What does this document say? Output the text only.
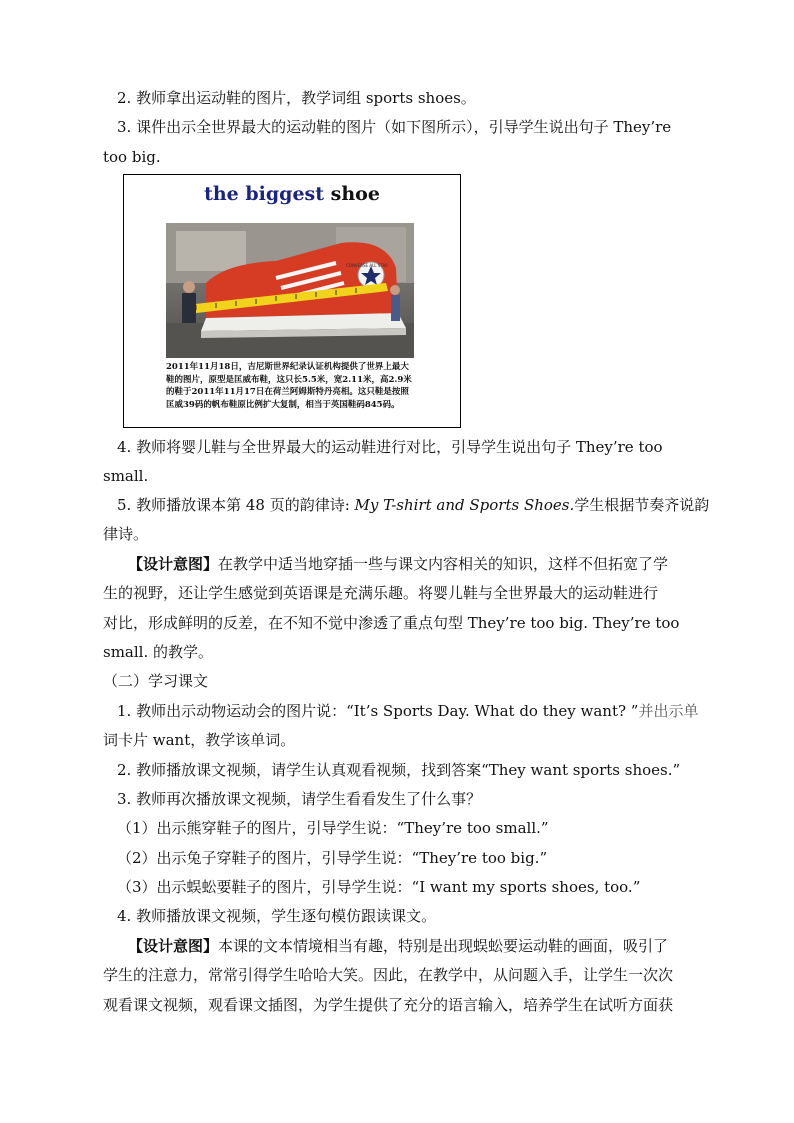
2. 教师拿出运动鞋的图片，教学词组 sports shoes。
3. 课件出示全世界最大的运动鞋的图片（如下图所示），引导学生说出句子 They’re
too big.
the biggest shoe
CONVERSE ALL STAR
2011年11月18日，吉尼斯世界纪录认证机构提供了世界上最大鞋的图片，原型是匡威布鞋，这只长5.5米，宽2.11米，高2.9米的鞋于2011年11月17日在荷兰阿姆斯特丹亮相。这只鞋是按照匡威39码的帆布鞋原比例扩大复制，相当于英国鞋码845码。
4. 教师将婴儿鞋与全世界最大的运动鞋进行对比，引导学生说出句子 They’re too
small.
5. 教师播放课本第 48 页的韵律诗: My T-shirt and Sports Shoes.学生根据节奏齐说韵
律诗。
【设计意图】在教学中适当地穿插一些与课文内容相关的知识，这样不但拓宽了学
生的视野，还让学生感觉到英语课是充满乐趣。将婴儿鞋与全世界最大的运动鞋进行
对比，形成鲜明的反差，在不知不觉中渗透了重点句型 They’re too big. They’re too
small. 的教学。
（二）学习课文
1. 教师出示动物运动会的图片说：“It’s Sports Day. What do they want? ”并出示单
词卡片 want，教学该单词。
2. 教师播放课文视频，请学生认真观看视频，找到答案“They want sports shoes.”
3. 教师再次播放课文视频，请学生看看发生了什么事？
（1）出示熊穿鞋子的图片，引导学生说：“They’re too small.”
（2）出示兔子穿鞋子的图片，引导学生说：“They’re too big.”
（3）出示蜈蚣要鞋子的图片，引导学生说：“I want my sports shoes, too.”
4. 教师播放课文视频，学生逐句模仿跟读课文。
【设计意图】本课的文本情境相当有趣，特别是出现蜈蚣要运动鞋的画面，吸引了
学生的注意力，常常引得学生哈哈大笑。因此，在教学中，从问题入手，让学生一次次
观看课文视频，观看课文插图，为学生提供了充分的语言输入，培养学生在试听方面获
